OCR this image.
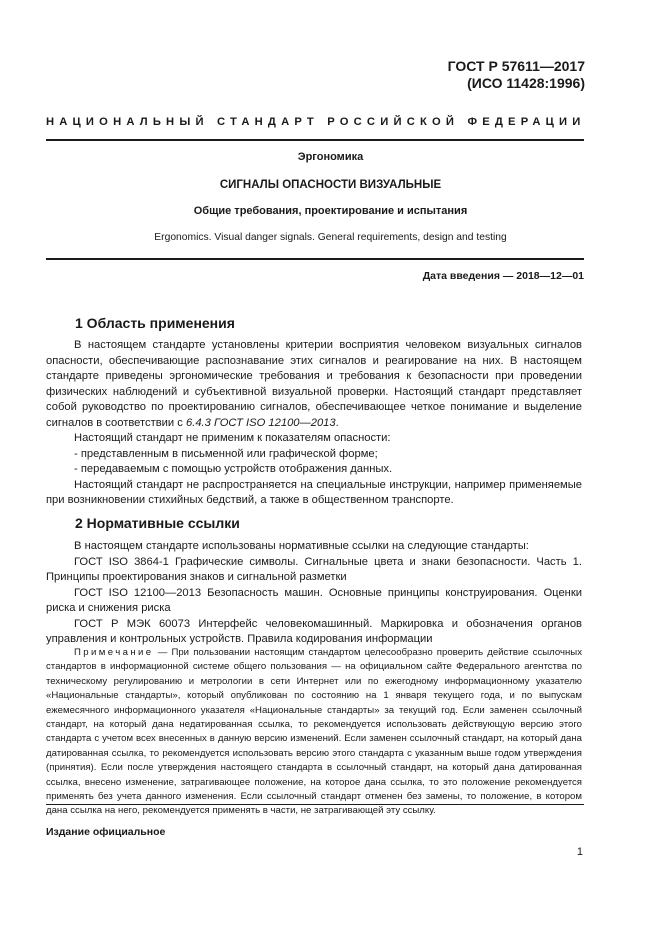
ГОСТ Р 57611—2017
(ИСО 11428:1996)
НАЦИОНАЛЬНЫЙ СТАНДАРТ РОССИЙСКОЙ ФЕДЕРАЦИИ
Эргономика
СИГНАЛЫ ОПАСНОСТИ ВИЗУАЛЬНЫЕ
Общие требования, проектирование и испытания
Ergonomics. Visual danger signals. General requirements, design and testing
Дата введения — 2018—12—01
1 Область применения

В настоящем стандарте установлены критерии восприятия человеком визуальных сигналов опасности, обеспечивающие распознавание этих сигналов и реагирование на них. В настоящем стандарте приведены эргономические требования и требования к безопасности при проведении физических наблюдений и субъективной визуальной проверки. Настоящий стандарт представляет собой руководство по проектированию сигналов, обеспечивающее четкое понимание и выделение сигналов в соответствии с 6.4.3 ГОСТ ISO 12100—2013.

Настоящий стандарт не применим к показателям опасности:

- представленным в письменной или графической форме;

- передаваемым с помощью устройств отображения данных.

Настоящий стандарт не распространяется на специальные инструкции, например применяемые при возникновении стихийных бедствий, а также в общественном транспорте.

2 Нормативные ссылки

В настоящем стандарте использованы нормативные ссылки на следующие стандарты:

ГОСТ ISO 3864-1 Графические символы. Сигнальные цвета и знаки безопасности. Часть 1. Принципы проектирования знаков и сигнальной разметки

ГОСТ ISO 12100—2013 Безопасность машин. Основные принципы конструирования. Оценки риска и снижения риска

ГОСТ Р МЭК 60073 Интерфейс человекомашинный. Маркировка и обозначения органов управления и контрольных устройств. Правила кодирования информации

Примечание — При пользовании настоящим стандартом целесообразно проверить действие ссылочных стандартов в информационной системе общего пользования — на официальном сайте Федерального агентства по техническому регулированию и метрологии в сети Интернет или по ежегодному информационному указателю «Национальные стандарты», который опубликован по состоянию на 1 января текущего года, и по выпускам ежемесячного информационного указателя «Национальные стандарты» за текущий год. Если заменен ссылочный стандарт, на который дана недатированная ссылка, то рекомендуется использовать действующую версию этого стандарта с учетом всех внесенных в данную версию изменений. Если заменен ссылочный стандарт, на который дана датированная ссылка, то рекомендуется использовать версию этого стандарта с указанным выше годом утверждения (принятия). Если после утверждения настоящего стандарта в ссылочный стандарт, на который дана датированная ссылка, внесено изменение, затрагивающее положение, на которое дана ссылка, то это положение рекомендуется применять без учета данного изменения. Если ссылочный стандарт отменен без замены, то положение, в котором дана ссылка на него, рекомендуется применять в части, не затрагивающей эту ссылку.

Издание официальное
1
